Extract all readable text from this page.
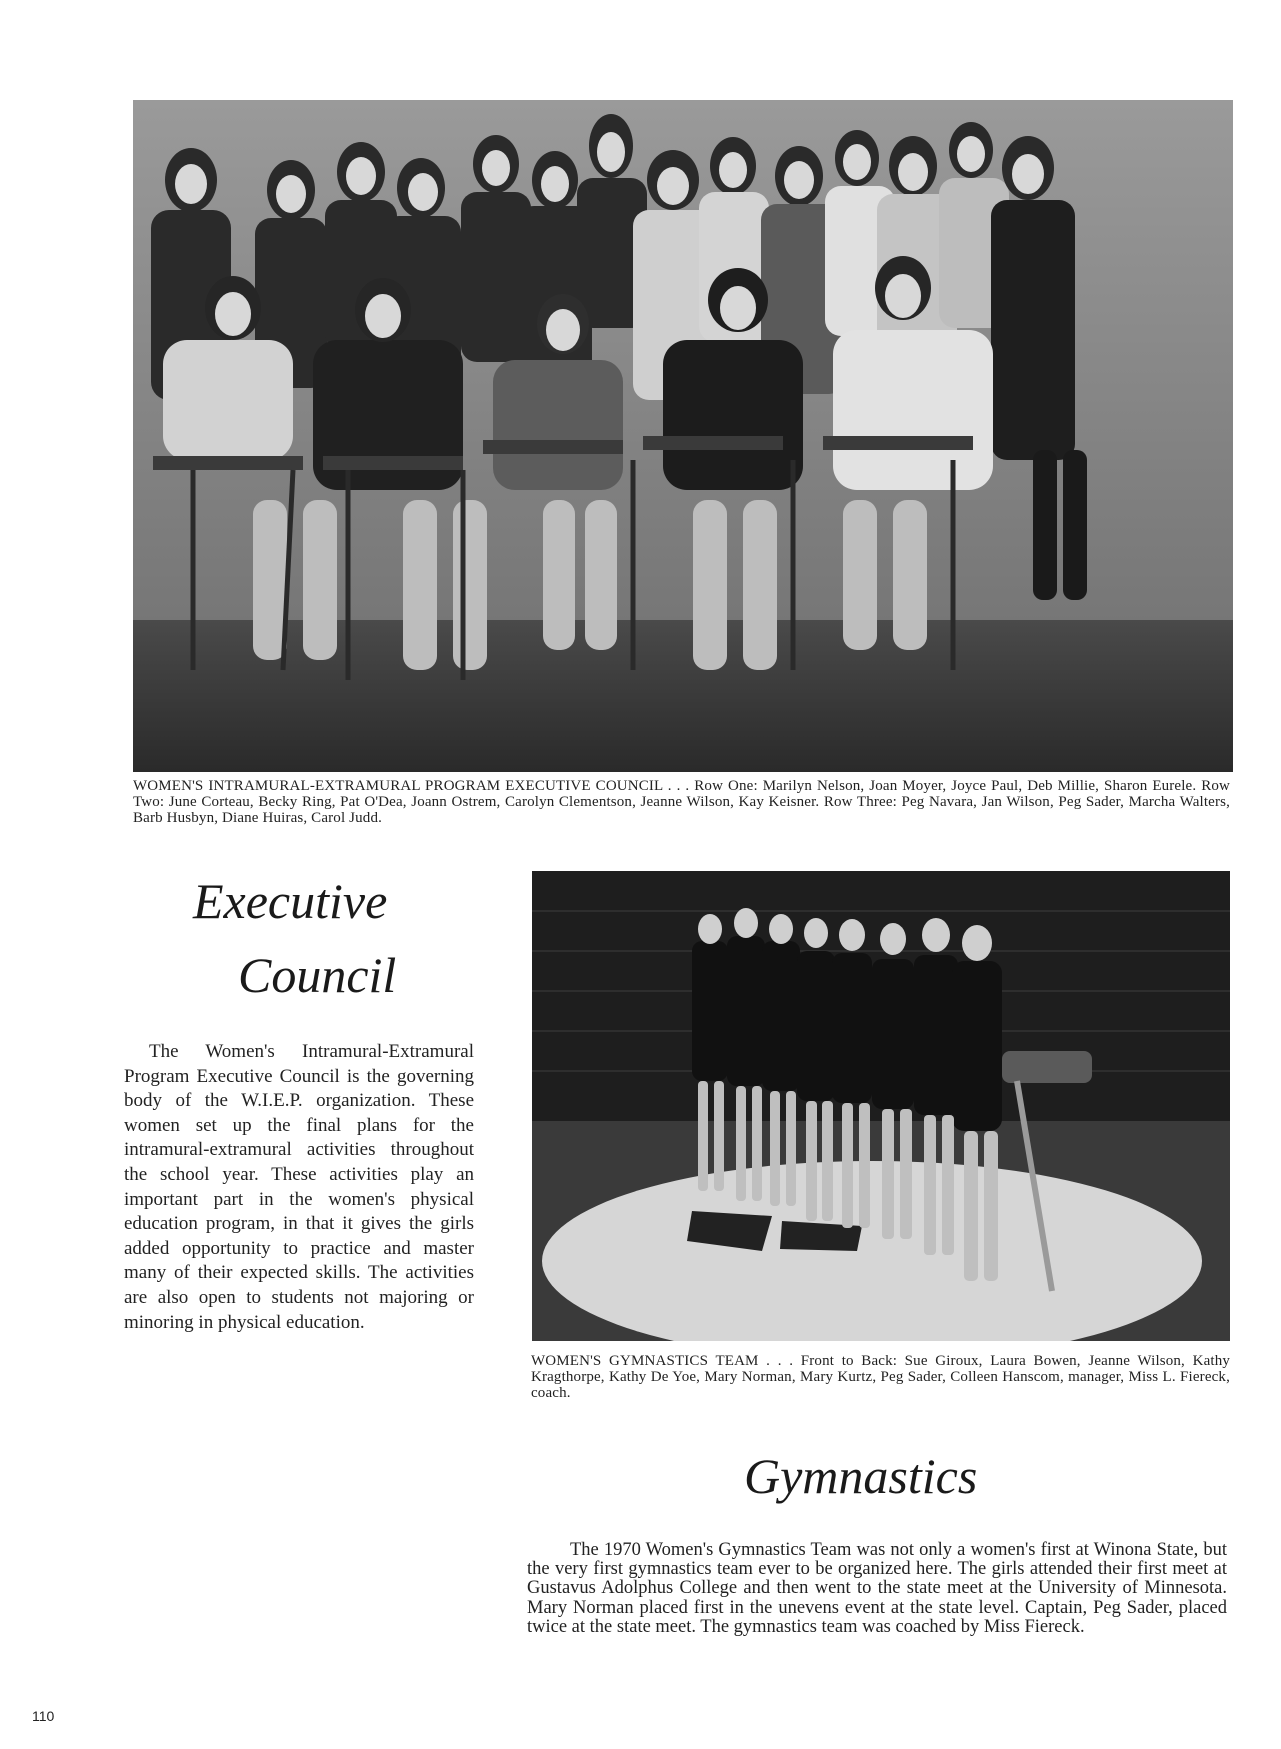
WOMEN'S INTRAMURAL-EXTRAMURAL PROGRAM EXECUTIVE COUNCIL . . . Row One: Marilyn Nelson, Joan Moyer, Joyce Paul, Deb Millie, Sharon Eurele. Row Two: June Corteau, Becky Ring, Pat O'Dea, Joann Ostrem, Carolyn Clementson, Jeanne Wilson, Kay Keisner. Row Three: Peg Navara, Jan Wilson, Peg Sader, Marcha Walters, Barb Husbyn, Diane Huiras, Carol Judd.
Executive
Council

The Women's Intramural-Extramural Program Executive Council is the governing body of the W.I.E.P. organization. These women set up the final plans for the intramural-extramural activities throughout the school year. These activities play an important part in the women's physical education program, in that it gives the girls added opportunity to practice and master many of their expected skills. The activities are also open to students not majoring or minoring in physical education.

WOMEN'S GYMNASTICS TEAM . . . Front to Back: Sue Giroux, Laura Bowen, Jeanne Wilson, Kathy Kragthorpe, Kathy De Yoe, Mary Norman, Mary Kurtz, Peg Sader, Colleen Hanscom, manager, Miss L. Fiereck, coach.
Gymnastics

The 1970 Women's Gymnastics Team was not only a women's first at Winona State, but the very first gymnastics team ever to be organized here. The girls attended their first meet at Gustavus Adolphus College and then went to the state meet at the University of Minnesota. Mary Norman placed first in the unevens event at the state level. Captain, Peg Sader, placed twice at the state meet. The gymnastics team was coached by Miss Fiereck.

110
